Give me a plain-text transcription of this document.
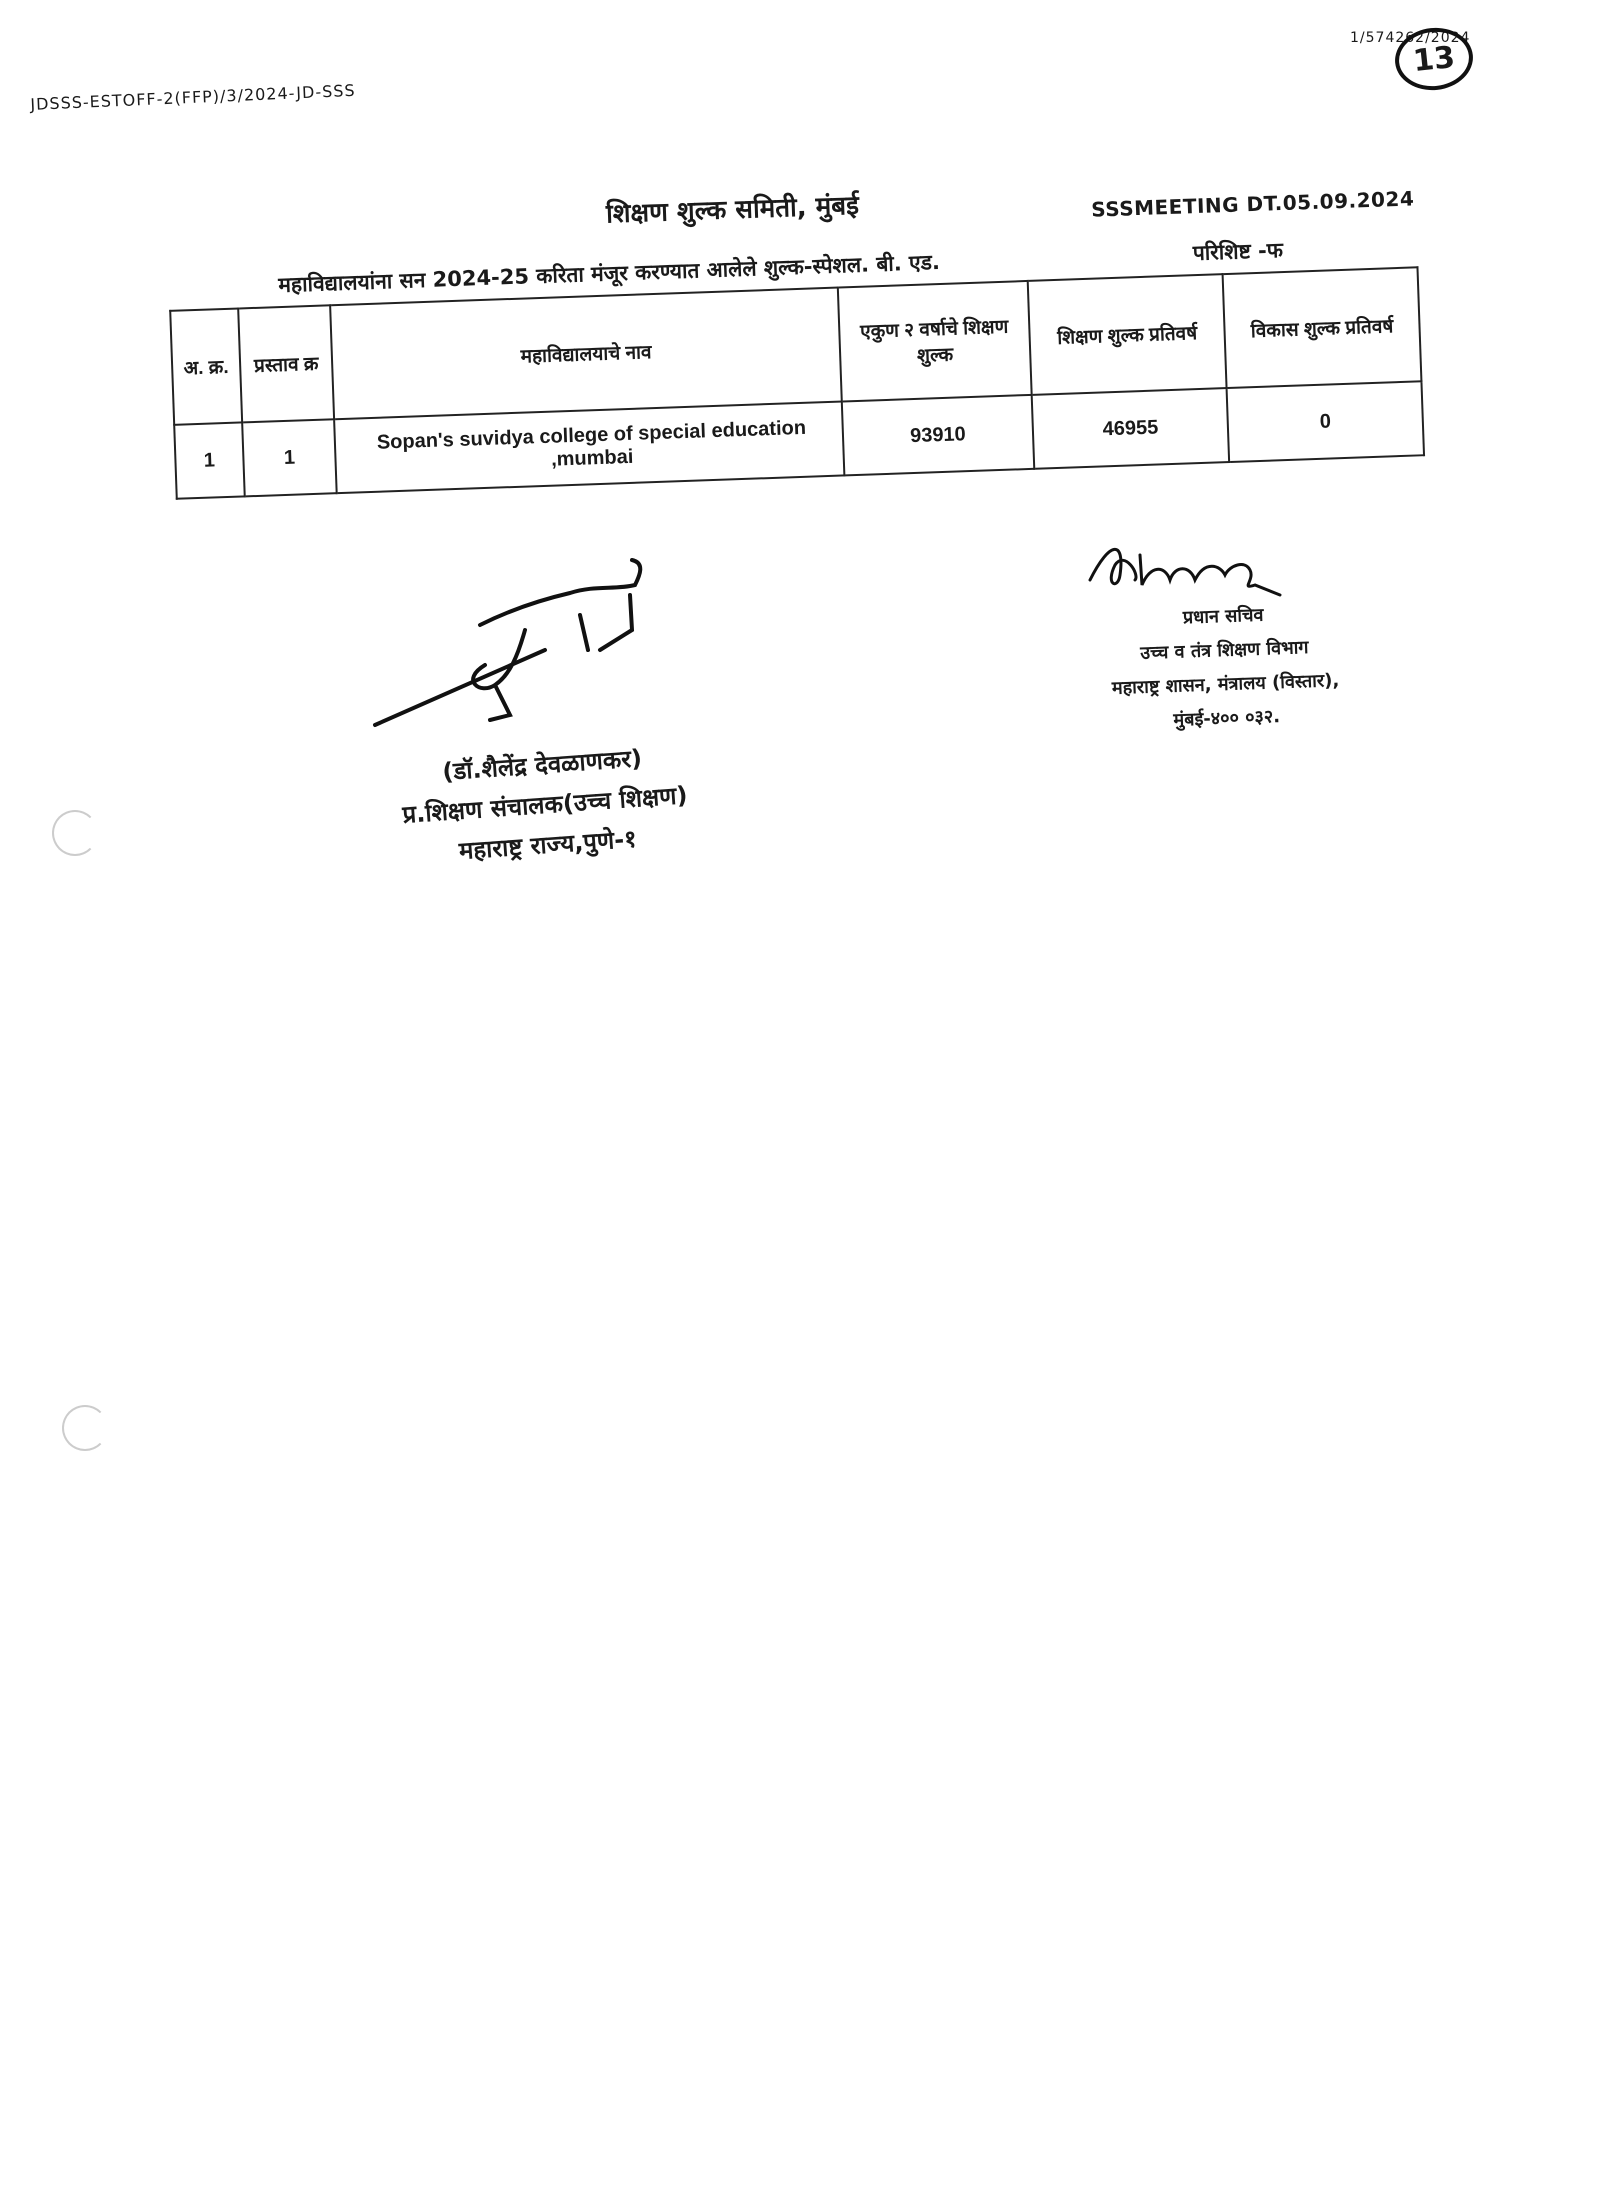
1/574262/2024
13
JDSSS-ESTOFF-2(FFP)/3/2024-JD-SSS
शिक्षण शुल्क समिती, मुंबई	SSSMEETING DT.05.09.2024
महाविद्यालयांना सन 2024-25 करिता मंजूर करण्यात आलेले शुल्क-स्पेशल. बी. एड.	परिशिष्ट -फ
अ. क्र.	प्रस्ताव क्र	महाविद्यालयाचे नाव	एकुण २ वर्षाचे शिक्षण शुल्क	शिक्षण शुल्क प्रतिवर्ष	विकास शुल्क प्रतिवर्ष
1	1	Sopan's suvidya college of special education ,mumbai	93910	46955	0
प्रधान सचिव
उच्च व तंत्र शिक्षण विभाग
महाराष्ट्र शासन, मंत्रालय (विस्तार),
मुंबई-४०० ०३२.
(डॉ.शैलेंद्र देवळाणकर)
प्र.शिक्षण संचालक(उच्च शिक्षण)
महाराष्ट्र राज्य,पुणे-१
